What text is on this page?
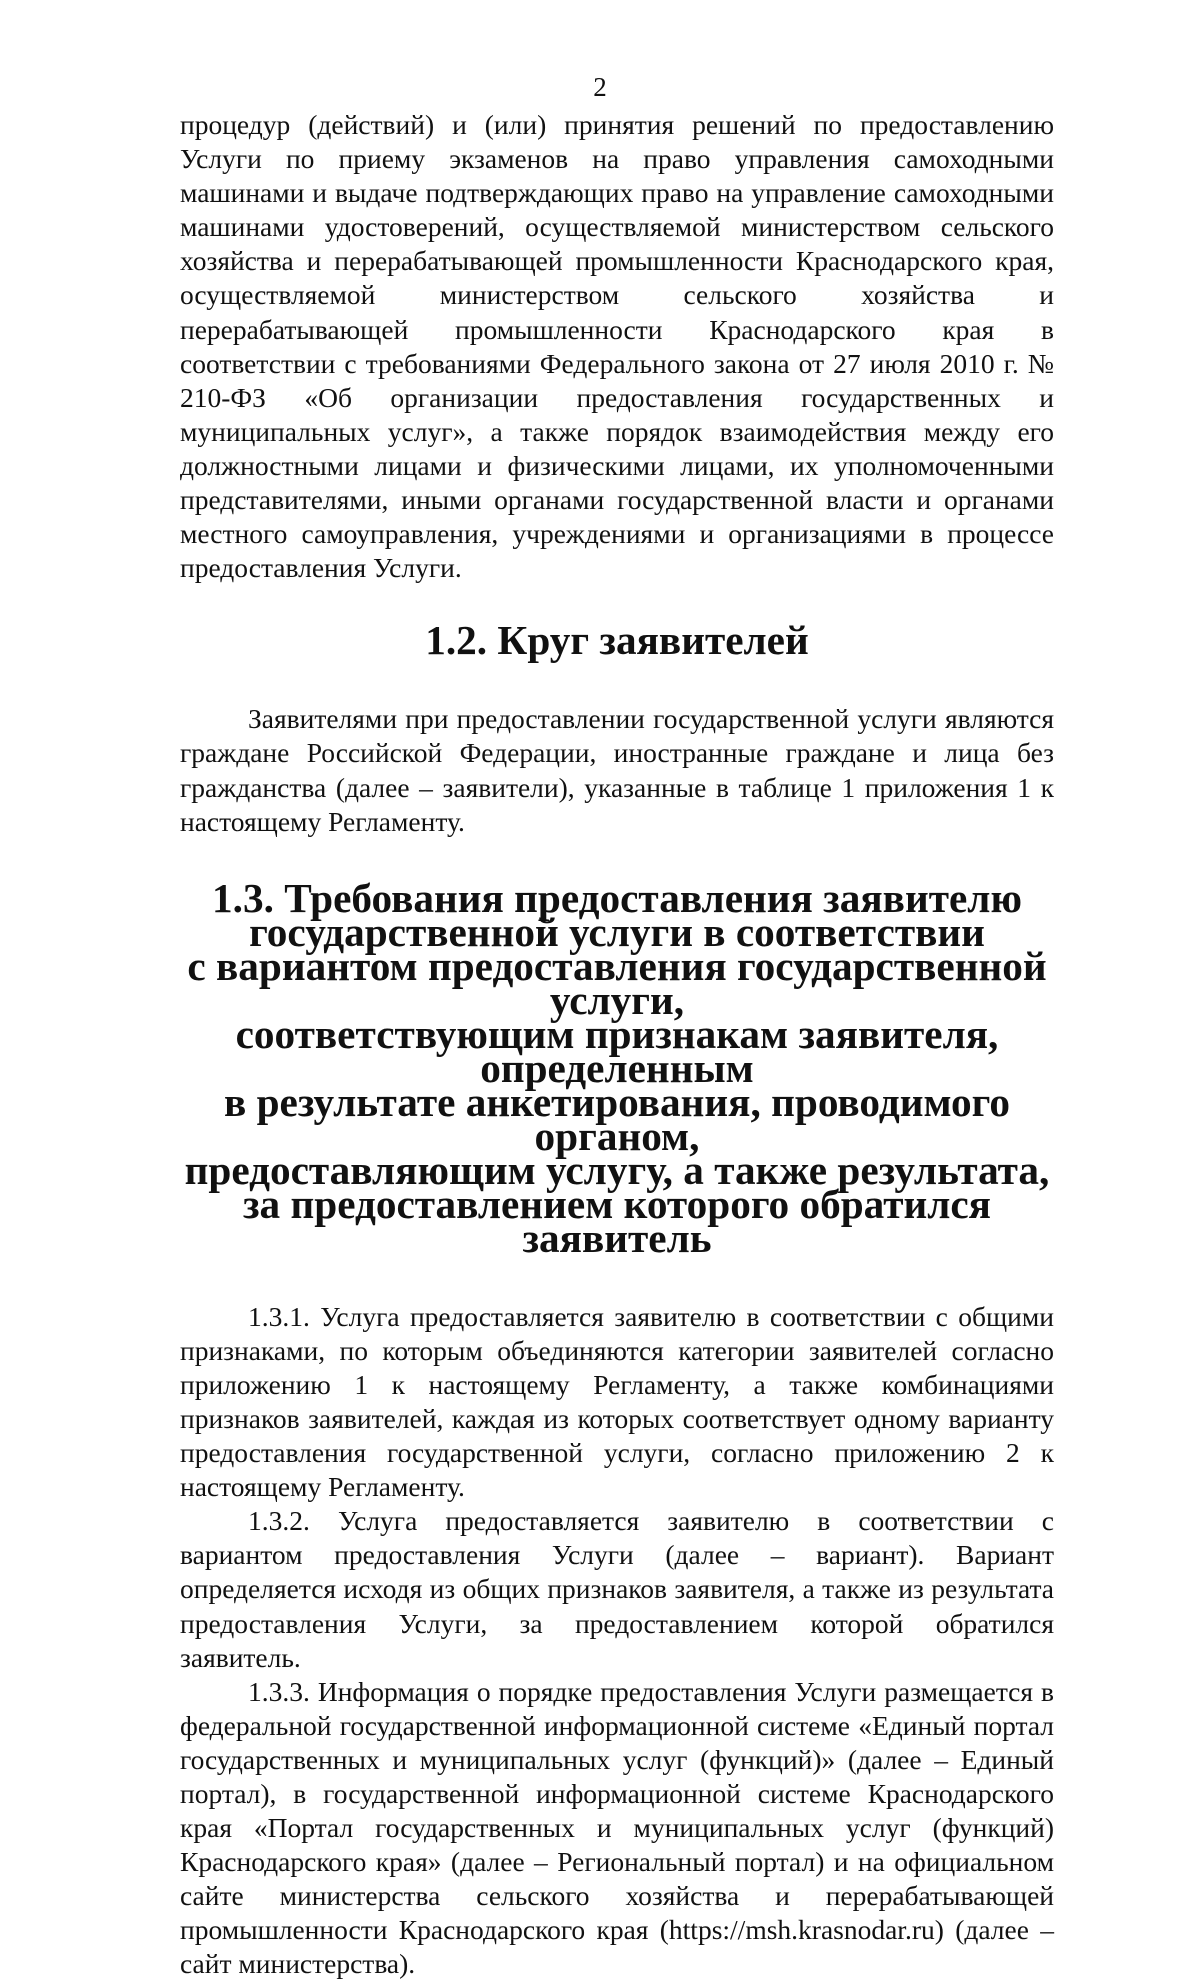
2

процедур (действий) и (или) принятия решений по предоставлению Услуги по приему экзаменов на право управления самоходными машинами и выдаче подтверждающих право на управление самоходными машинами удостоверений, осуществляемой министерством сельского хозяйства и перерабатывающей промышленности Краснодарского края, осуществляемой министерством сельского хозяйства и перерабатывающей промышленности Краснодарского края в соответствии с требованиями Федерального закона от 27 июля 2010 г. № 210-ФЗ «Об организации предоставления государственных и муниципальных услуг», а также порядок взаимодействия между его должностными лицами и физическими лицами, их уполномоченными представителями, иными органами государственной власти и органами местного самоуправления, учреждениями и организациями в процессе предоставления Услуги.

1.2. Круг заявителей

Заявителями при предоставлении государственной услуги являются граждане Российской Федерации, иностранные граждане и лица без гражданства (далее – заявители), указанные в таблице 1 приложения 1 к настоящему Регламенту.

1.3. Требования предоставления заявителю
государственной услуги в соответствии
с вариантом предоставления государственной услуги,
соответствующим признакам заявителя, определенным
в результате анкетирования, проводимого органом,
предоставляющим услугу, а также результата,
за предоставлением которого обратился заявитель

1.3.1. Услуга предоставляется заявителю в соответствии с общими признаками, по которым объединяются категории заявителей согласно приложению 1 к настоящему Регламенту, а также комбинациями признаков заявителей, каждая из которых соответствует одному варианту предоставления государственной услуги, согласно приложению 2 к настоящему Регламенту.

1.3.2. Услуга предоставляется заявителю в соответствии с вариантом предоставления Услуги (далее – вариант). Вариант определяется исходя из общих признаков заявителя, а также из результата предоставления Услуги, за предоставлением которой обратился заявитель.

1.3.3. Информация о порядке предоставления Услуги размещается в федеральной государственной информационной системе «Единый портал государственных и муниципальных услуг (функций)» (далее – Единый портал), в государственной информационной системе Краснодарского края «Портал государственных и муниципальных услуг (функций) Краснодарского края» (далее – Региональный портал) и на официальном сайте министерства сельского хозяйства и перерабатывающей промышленности Краснодарского края (https://msh.krasnodar.ru) (далее – сайт министерства).
